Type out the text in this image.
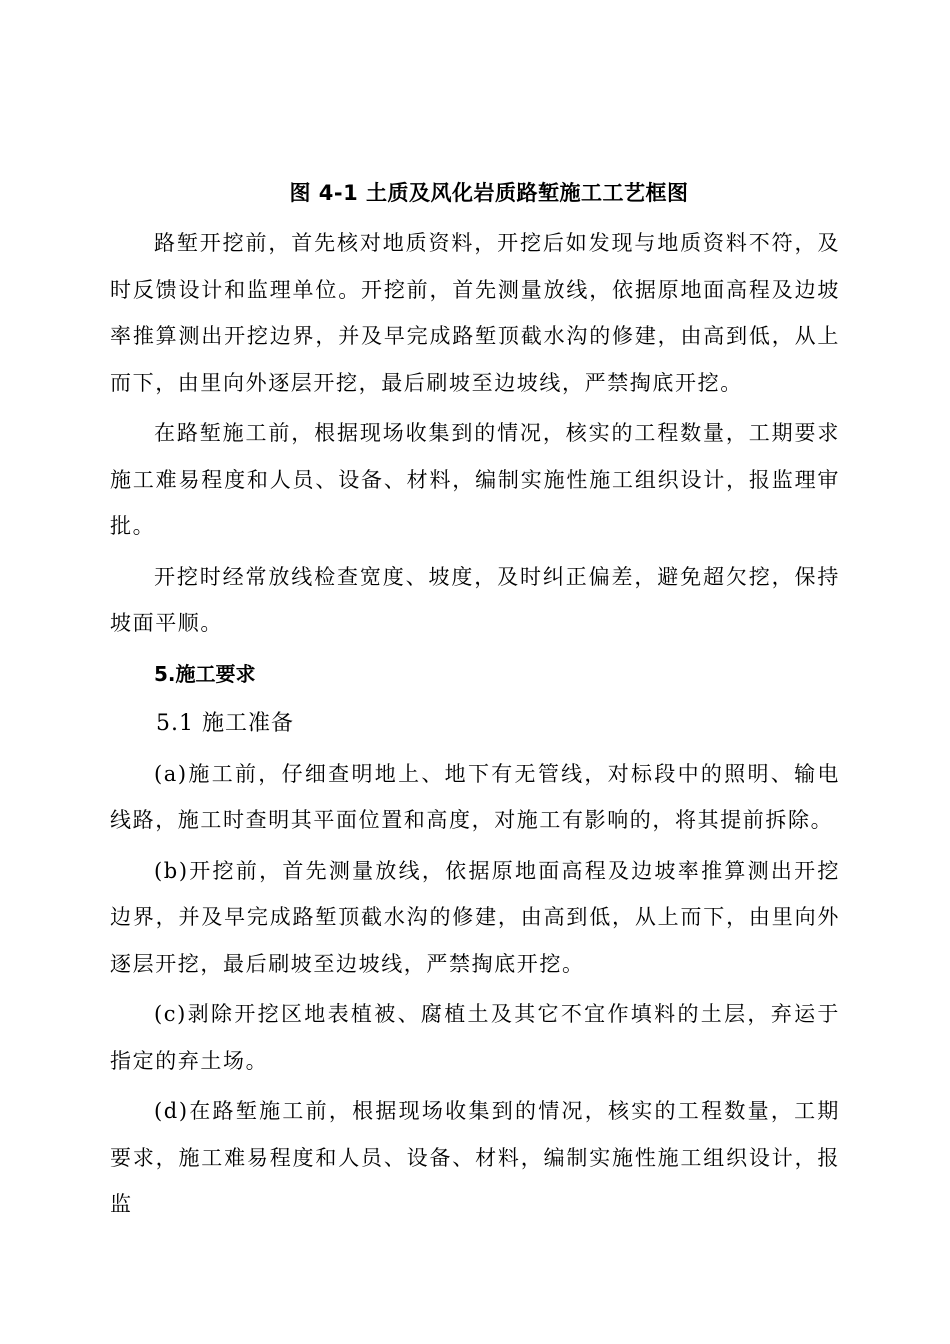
图 4-1 土质及风化岩质路堑施工工艺框图

路堑开挖前，首先核对地质资料，开挖后如发现与地质资料不符，及时反馈设计和监理单位。开挖前，首先测量放线，依据原地面高程及边坡率推算测出开挖边界，并及早完成路堑顶截水沟的修建，由高到低，从上而下，由里向外逐层开挖，最后刷坡至边坡线，严禁掏底开挖。

在路堑施工前，根据现场收集到的情况，核实的工程数量，工期要求施工难易程度和人员、设备、材料，编制实施性施工组织设计，报监理审批。

开挖时经常放线检查宽度、坡度，及时纠正偏差，避免超欠挖，保持坡面平顺。

5.施工要求
5.1 施工准备

(a)施工前，仔细查明地上、地下有无管线，对标段中的照明、输电线路，施工时查明其平面位置和高度，对施工有影响的，将其提前拆除。

(b)开挖前，首先测量放线，依据原地面高程及边坡率推算测出开挖边界，并及早完成路堑顶截水沟的修建，由高到低，从上而下，由里向外逐层开挖，最后刷坡至边坡线，严禁掏底开挖。

(c)剥除开挖区地表植被、腐植土及其它不宜作填料的土层，弃运于指定的弃土场。

(d)在路堑施工前，根据现场收集到的情况，核实的工程数量，工期要求，施工难易程度和人员、设备、材料，编制实施性施工组织设计，报监
